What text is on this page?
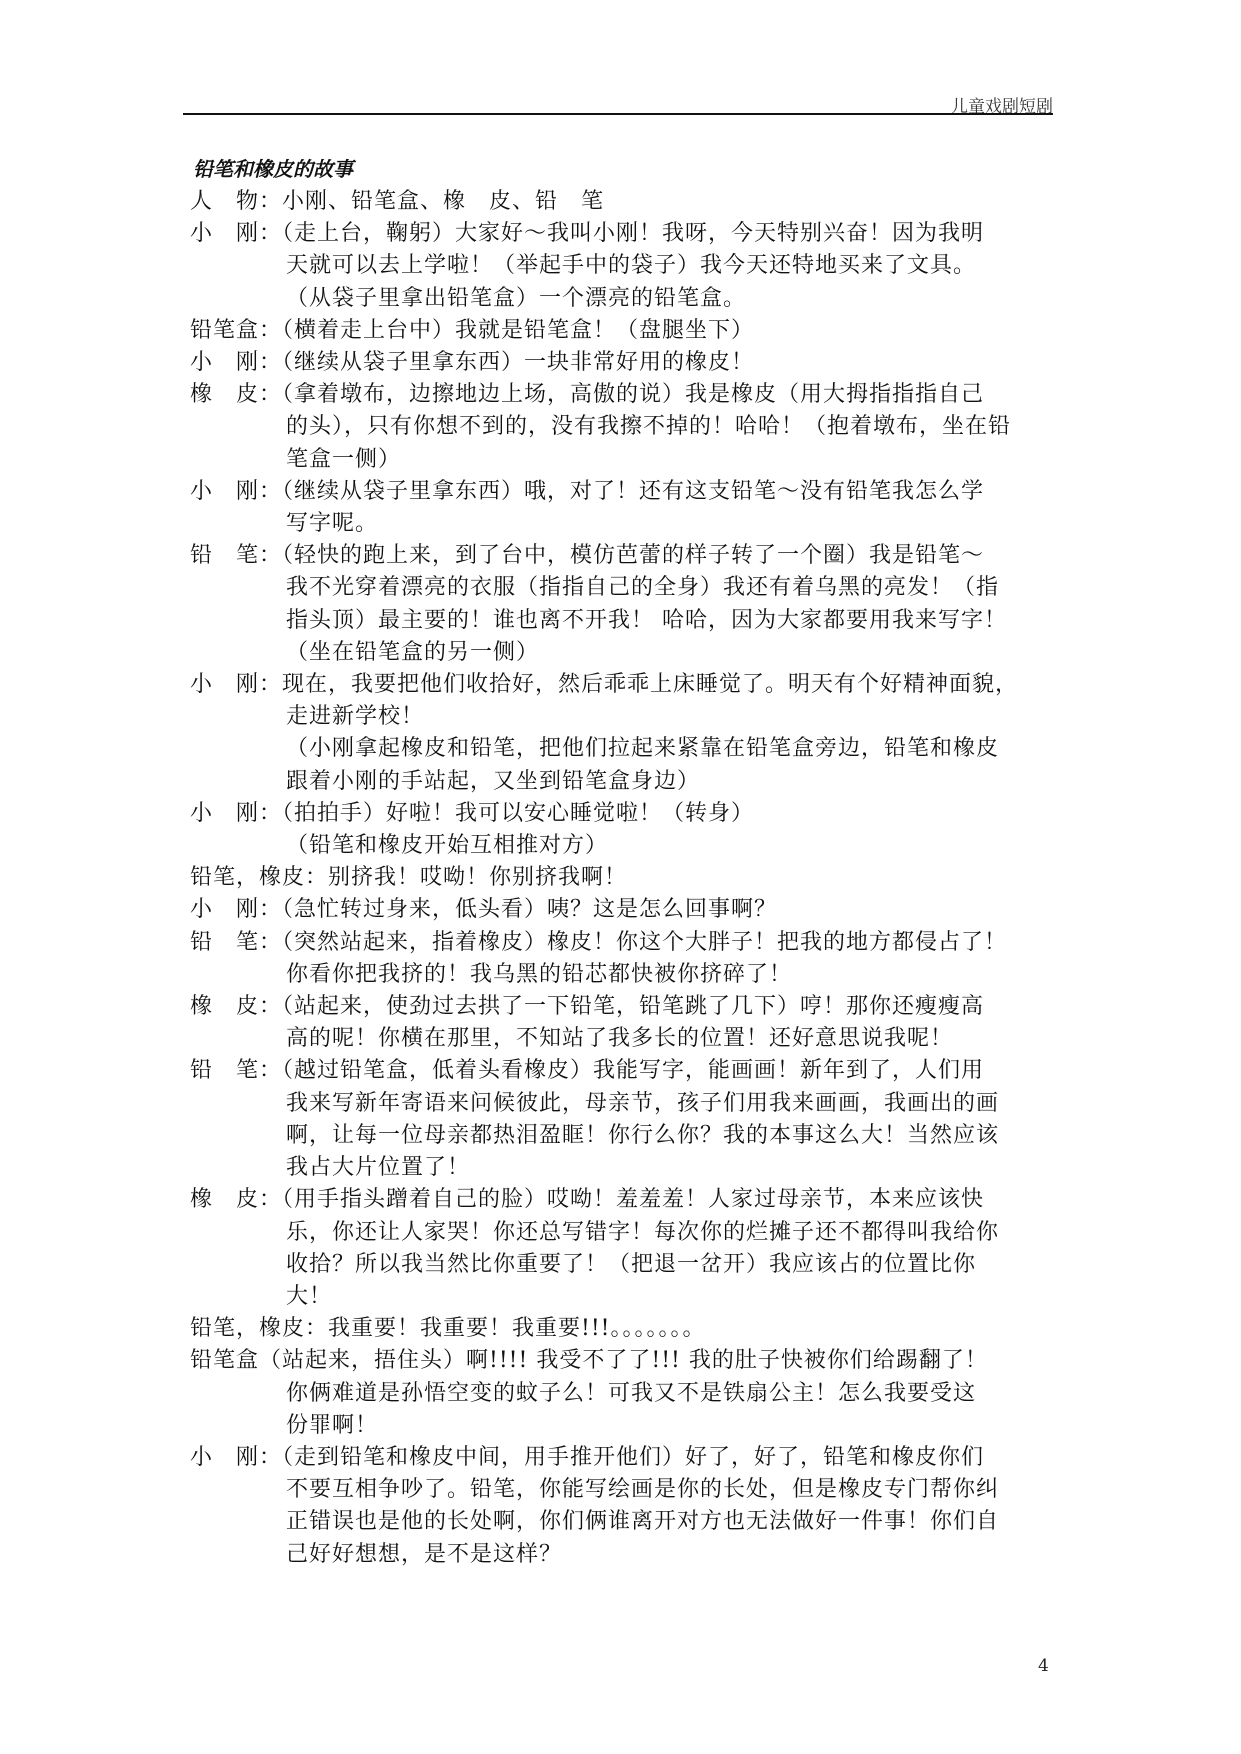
儿童戏剧短剧
铅笔和橡皮的故事
人　物：小刚、铅笔盒、橡　皮、铅　笔
小　刚：（走上台，鞠躬）大家好～我叫小刚！我呀，今天特别兴奋！因为我明
天就可以去上学啦！（举起手中的袋子）我今天还特地买来了文具。
（从袋子里拿出铅笔盒）一个漂亮的铅笔盒。
铅笔盒：（横着走上台中）我就是铅笔盒！（盘腿坐下）
小　刚：（继续从袋子里拿东西）一块非常好用的橡皮！
橡　皮：（拿着墩布，边擦地边上场，高傲的说）我是橡皮（用大拇指指指自己
的头），只有你想不到的，没有我擦不掉的！哈哈！（抱着墩布，坐在铅
笔盒一侧）
小　刚：（继续从袋子里拿东西）哦，对了！还有这支铅笔～没有铅笔我怎么学
写字呢。
铅　笔：（轻快的跑上来，到了台中，模仿芭蕾的样子转了一个圈）我是铅笔～
我不光穿着漂亮的衣服（指指自己的全身）我还有着乌黑的亮发！（指
指头顶）最主要的！谁也离不开我！ 哈哈，因为大家都要用我来写字！
（坐在铅笔盒的另一侧）
小　刚：现在，我要把他们收拾好，然后乖乖上床睡觉了。明天有个好精神面貌，
走进新学校！
（小刚拿起橡皮和铅笔，把他们拉起来紧靠在铅笔盒旁边，铅笔和橡皮
跟着小刚的手站起，又坐到铅笔盒身边）
小　刚：（拍拍手）好啦！我可以安心睡觉啦！（转身）
（铅笔和橡皮开始互相推对方）
铅笔，橡皮：别挤我！哎呦！你别挤我啊！
小　刚：（急忙转过身来，低头看）咦？这是怎么回事啊？
铅　笔：（突然站起来，指着橡皮）橡皮！你这个大胖子！把我的地方都侵占了！
你看你把我挤的！我乌黑的铅芯都快被你挤碎了！
橡　皮：（站起来，使劲过去拱了一下铅笔，铅笔跳了几下）哼！那你还瘦瘦高
高的呢！你横在那里，不知站了我多长的位置！还好意思说我呢！
铅　笔：（越过铅笔盒，低着头看橡皮）我能写字，能画画！新年到了，人们用
我来写新年寄语来问候彼此，母亲节，孩子们用我来画画，我画出的画
啊，让每一位母亲都热泪盈眶！你行么你？我的本事这么大！当然应该
我占大片位置了！
橡　皮：（用手指头蹭着自己的脸）哎呦！羞羞羞！人家过母亲节，本来应该快
乐，你还让人家哭！你还总写错字！每次你的烂摊子还不都得叫我给你
收拾？所以我当然比你重要了！（把退一岔开）我应该占的位置比你
大！
铅笔，橡皮：我重要！我重要！我重要!!!。。。。。。。
铅笔盒（站起来，捂住头）啊!!!! 我受不了了!!! 我的肚子快被你们给踢翻了！
你俩难道是孙悟空变的蚊子么！可我又不是铁扇公主！怎么我要受这
份罪啊！
小　刚：（走到铅笔和橡皮中间，用手推开他们）好了，好了，铅笔和橡皮你们
不要互相争吵了。铅笔，你能写绘画是你的长处，但是橡皮专门帮你纠
正错误也是他的长处啊，你们俩谁离开对方也无法做好一件事！你们自
己好好想想，是不是这样？
4
